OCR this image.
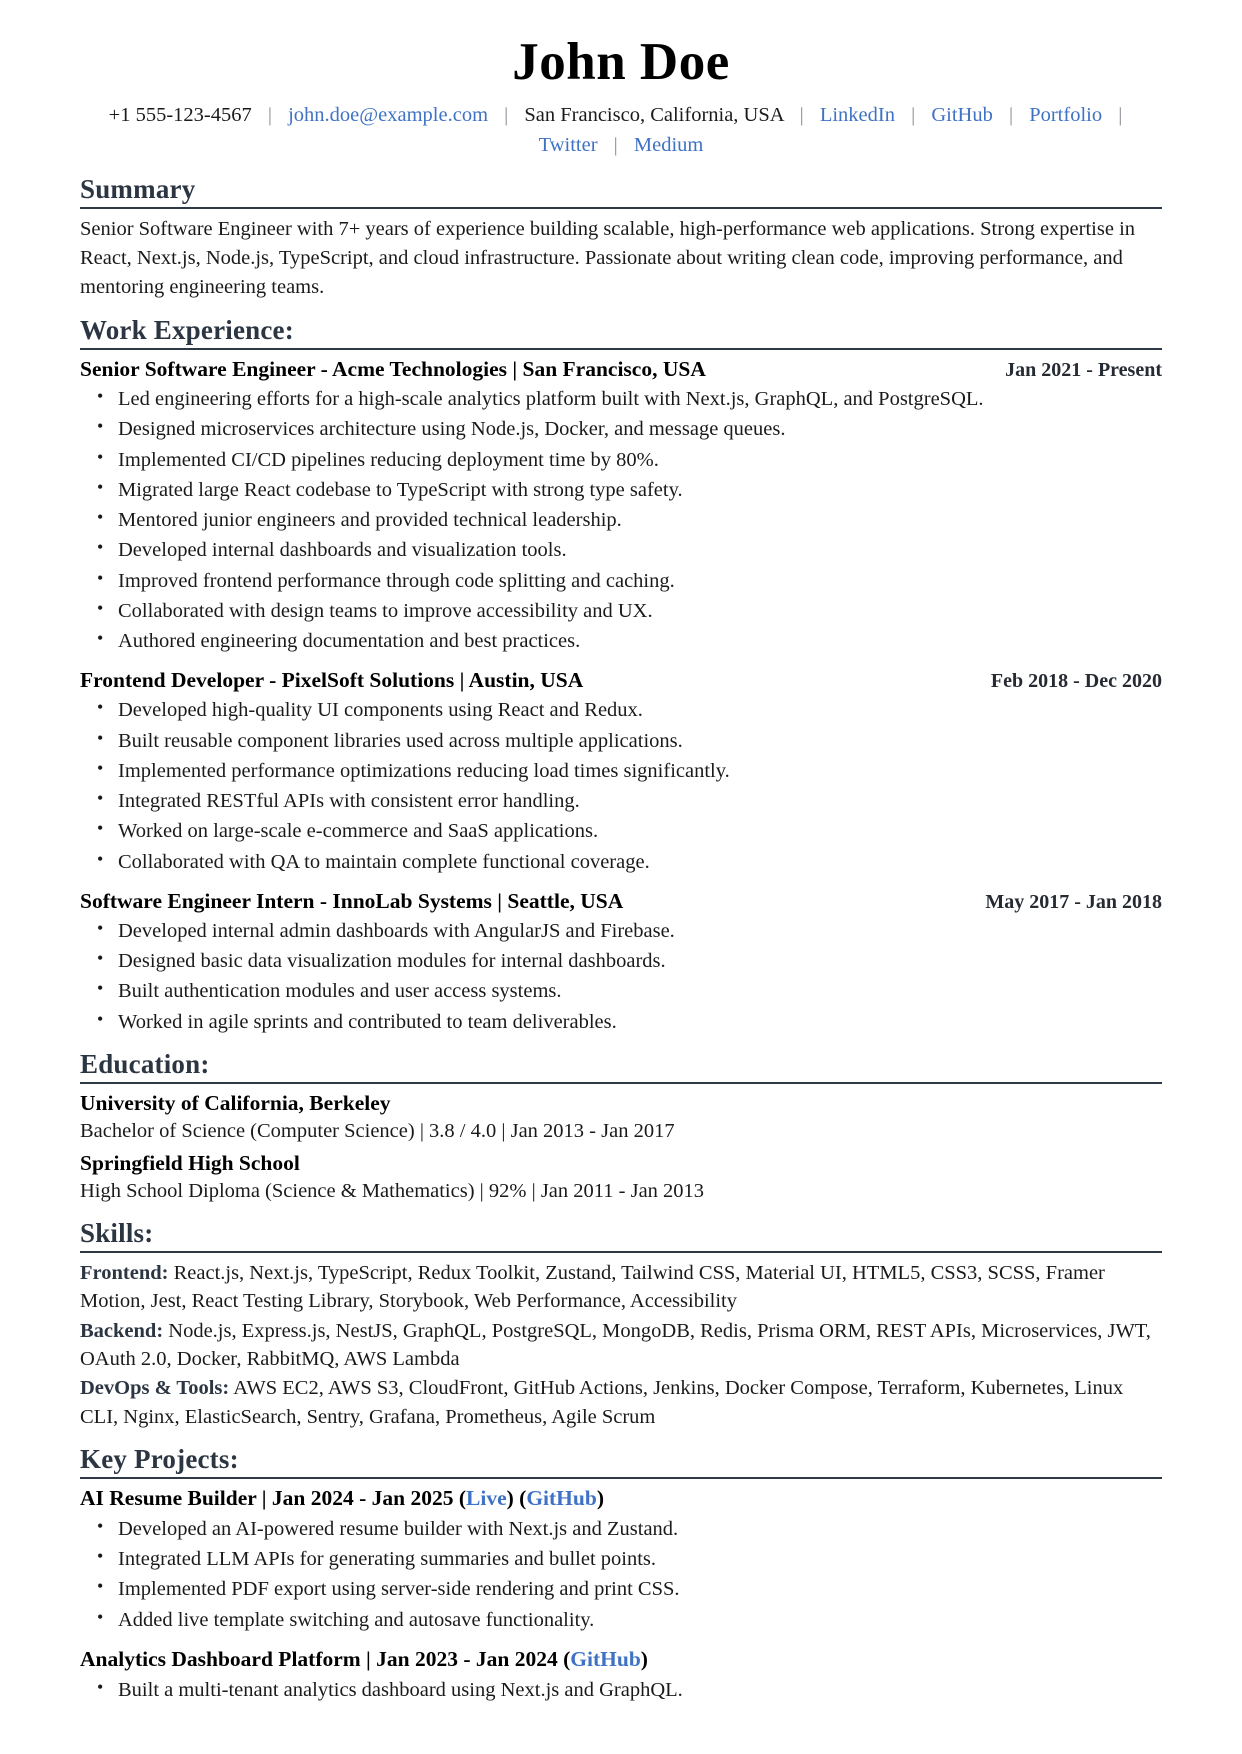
John Doe
+1 555-123-4567 | john.doe@example.com | San Francisco, California, USA | LinkedIn | GitHub | Portfolio | Twitter | Medium
Summary

Senior Software Engineer with 7+ years of experience building scalable, high-performance web applications. Strong expertise in React, Next.js, Node.js, TypeScript, and cloud infrastructure. Passionate about writing clean code, improving performance, and mentoring engineering teams.

Work Experience:
Senior Software Engineer - Acme Technologies | San Francisco, USA	Jan 2021 - Present
• Led engineering efforts for a high-scale analytics platform built with Next.js, GraphQL, and PostgreSQL.
• Designed microservices architecture using Node.js, Docker, and message queues.
• Implemented CI/CD pipelines reducing deployment time by 80%.
• Migrated large React codebase to TypeScript with strong type safety.
• Mentored junior engineers and provided technical leadership.
• Developed internal dashboards and visualization tools.
• Improved frontend performance through code splitting and caching.
• Collaborated with design teams to improve accessibility and UX.
• Authored engineering documentation and best practices.
Frontend Developer - PixelSoft Solutions | Austin, USA	Feb 2018 - Dec 2020
• Developed high-quality UI components using React and Redux.
• Built reusable component libraries used across multiple applications.
• Implemented performance optimizations reducing load times significantly.
• Integrated RESTful APIs with consistent error handling.
• Worked on large-scale e-commerce and SaaS applications.
• Collaborated with QA to maintain complete functional coverage.
Software Engineer Intern - InnoLab Systems | Seattle, USA	May 2017 - Jan 2018
• Developed internal admin dashboards with AngularJS and Firebase.
• Designed basic data visualization modules for internal dashboards.
• Built authentication modules and user access systems.
• Worked in agile sprints and contributed to team deliverables.
Education:
University of California, Berkeley
Bachelor of Science (Computer Science) | 3.8 / 4.0 | Jan 2013 - Jan 2017
Springfield High School
High School Diploma (Science & Mathematics) | 92% | Jan 2011 - Jan 2013
Skills:
Frontend: React.js, Next.js, TypeScript, Redux Toolkit, Zustand, Tailwind CSS, Material UI, HTML5, CSS3, SCSS, Framer Motion, Jest, React Testing Library, Storybook, Web Performance, Accessibility
Backend: Node.js, Express.js, NestJS, GraphQL, PostgreSQL, MongoDB, Redis, Prisma ORM, REST APIs, Microservices, JWT, OAuth 2.0, Docker, RabbitMQ, AWS Lambda
DevOps & Tools: AWS EC2, AWS S3, CloudFront, GitHub Actions, Jenkins, Docker Compose, Terraform, Kubernetes, Linux CLI, Nginx, ElasticSearch, Sentry, Grafana, Prometheus, Agile Scrum
Key Projects:
AI Resume Builder | Jan 2024 - Jan 2025 (Live) (GitHub)
• Developed an AI-powered resume builder with Next.js and Zustand.
• Integrated LLM APIs for generating summaries and bullet points.
• Implemented PDF export using server-side rendering and print CSS.
• Added live template switching and autosave functionality.
Analytics Dashboard Platform | Jan 2023 - Jan 2024 (GitHub)
• Built a multi-tenant analytics dashboard using Next.js and GraphQL.
